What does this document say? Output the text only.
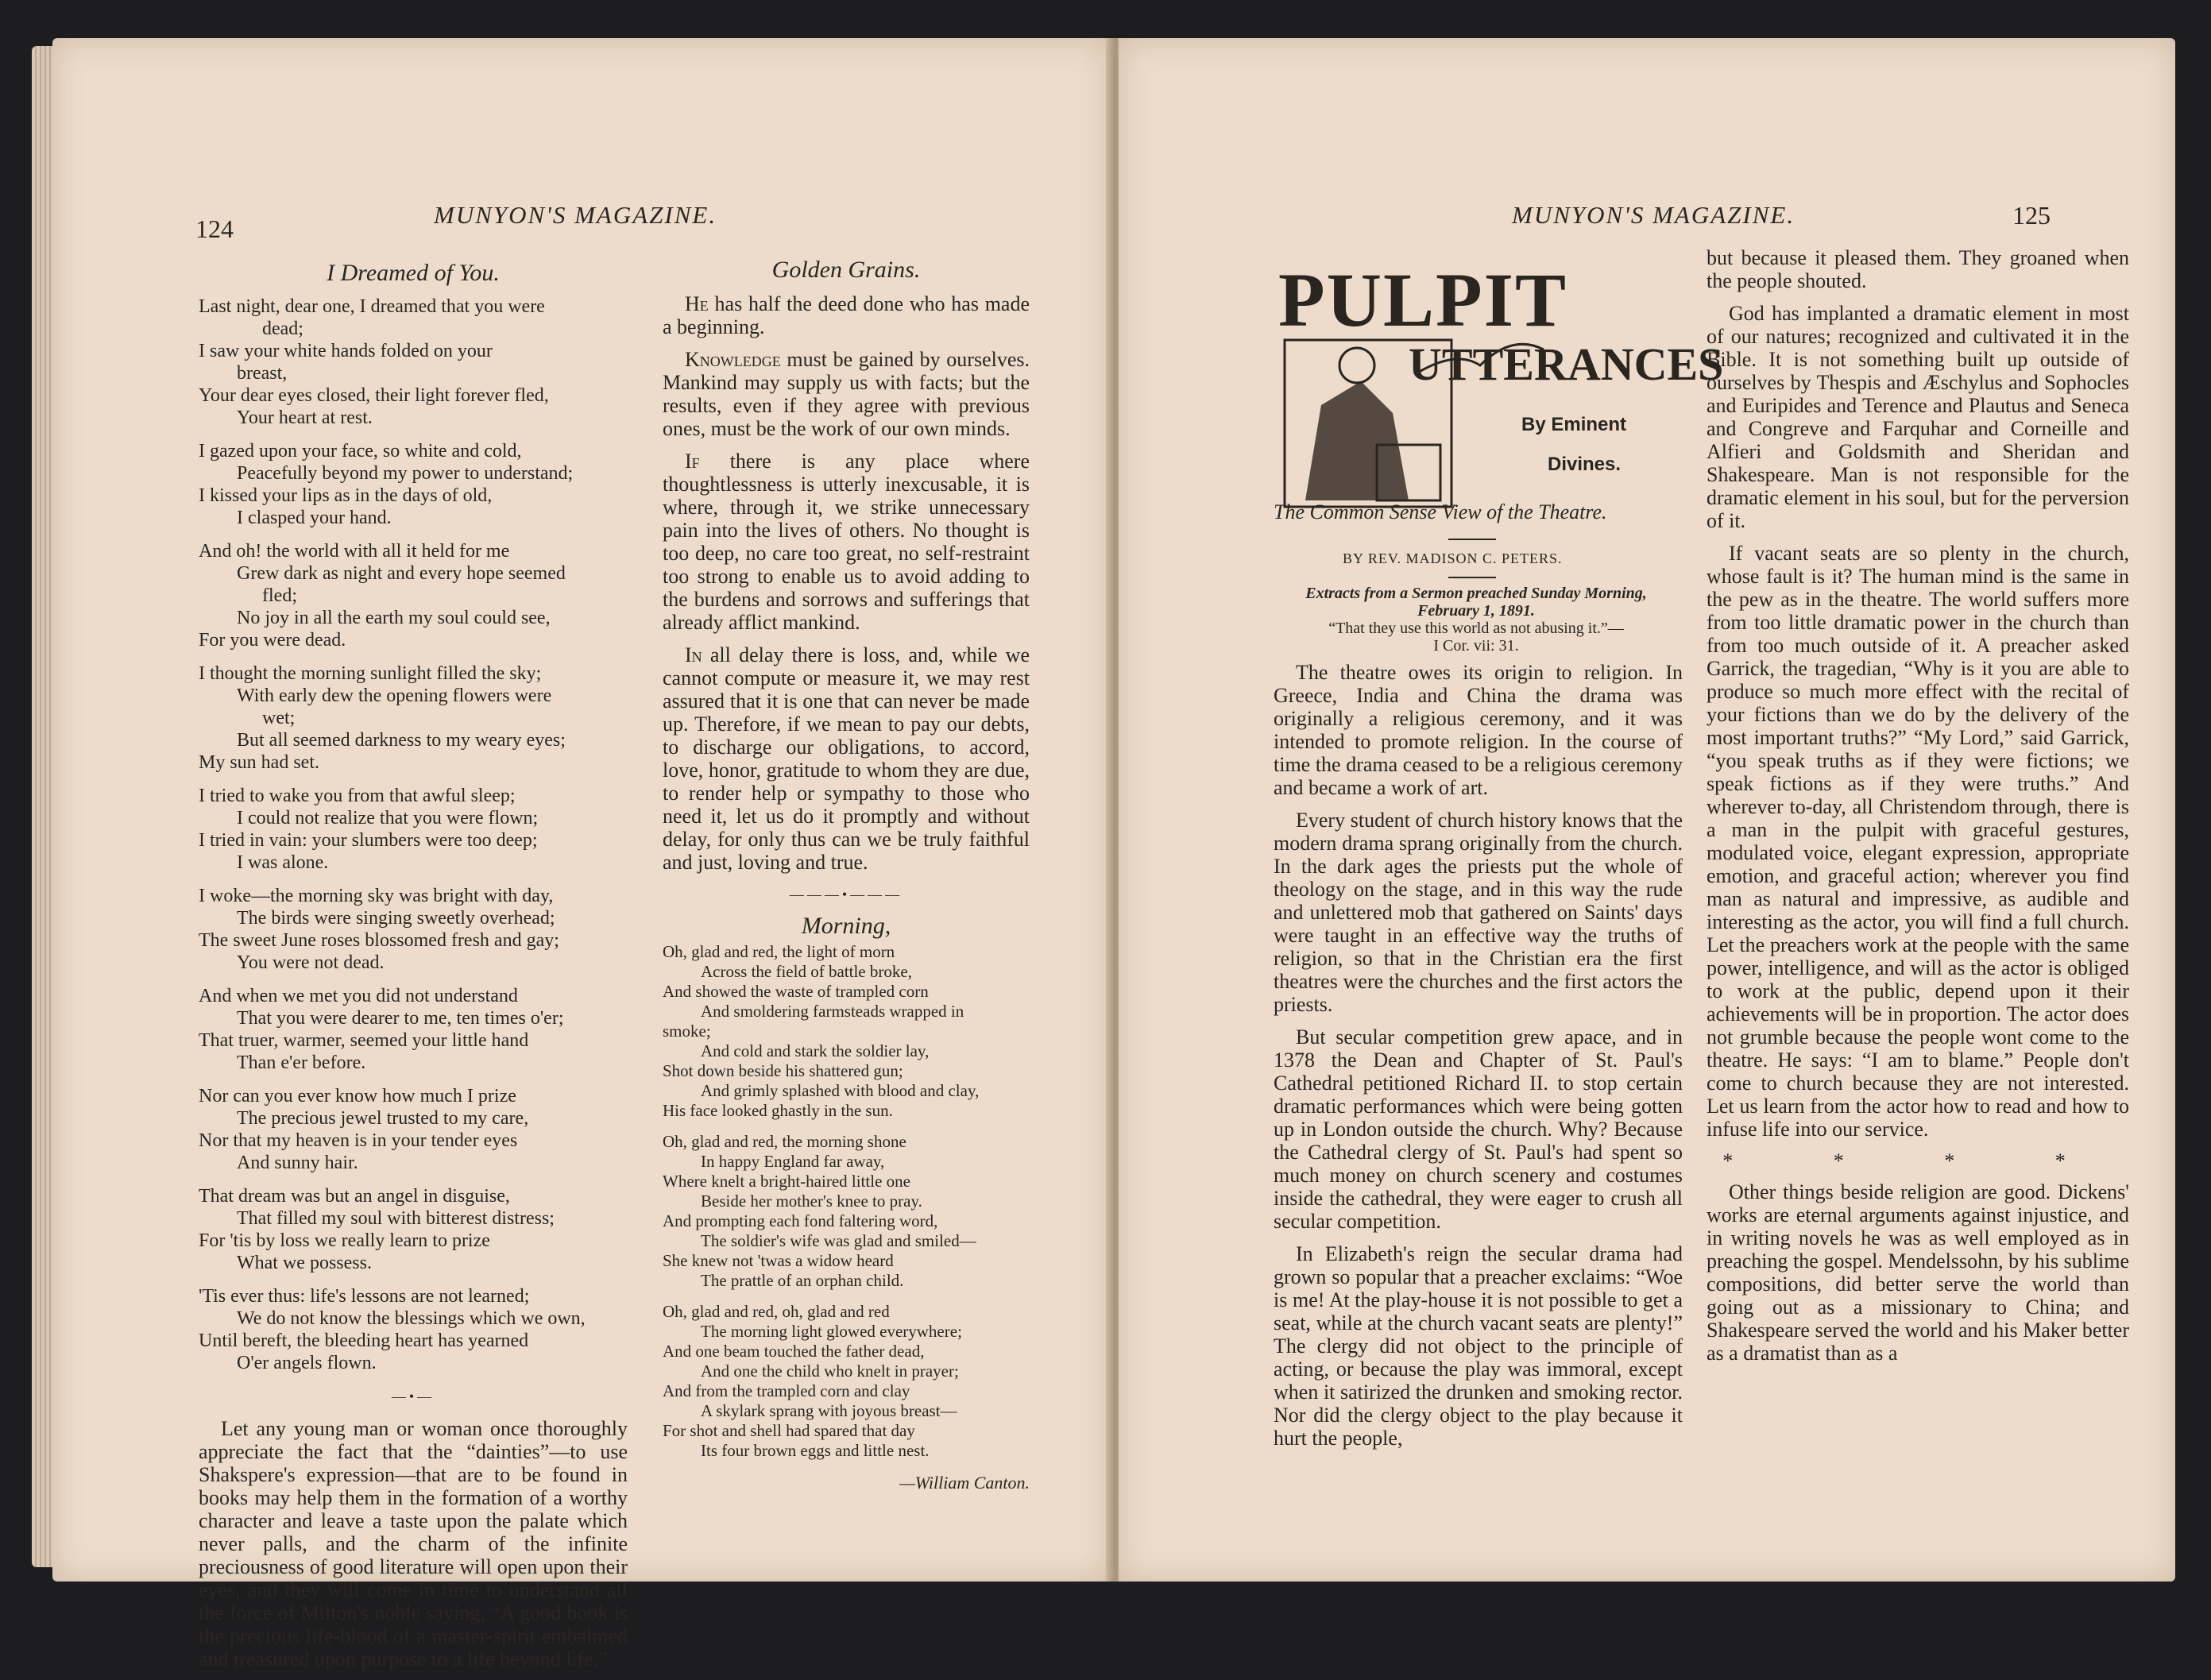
124	MUNYON'S MAGAZINE.
I Dreamed of You.
Last night, dear one, I dreamed that you were
dead;
I saw your white hands folded on your
breast,
Your dear eyes closed, their light forever fled,
Your heart at rest.
I gazed upon your face, so white and cold,
Peacefully beyond my power to understand;
I kissed your lips as in the days of old,
I clasped your hand.
And oh! the world with all it held for me
Grew dark as night and every hope seemed
fled;
No joy in all the earth my soul could see,
For you were dead.
I thought the morning sunlight filled the sky;
With early dew the opening flowers were
wet;
But all seemed darkness to my weary eyes;
My sun had set.
I tried to wake you from that awful sleep;
I could not realize that you were flown;
I tried in vain: your slumbers were too deep;
I was alone.
I woke—the morning sky was bright with day,
The birds were singing sweetly overhead;
The sweet June roses blossomed fresh and gay;
You were not dead.
And when we met you did not understand
That you were dearer to me, ten times o'er;
That truer, warmer, seemed your little hand
Than e'er before.
Nor can you ever know how much I prize
The precious jewel trusted to my care,
Nor that my heaven is in your tender eyes
And sunny hair.
That dream was but an angel in disguise,
That filled my soul with bitterest distress;
For 'tis by loss we really learn to prize
What we possess.
'Tis ever thus: life's lessons are not learned;
We do not know the blessings which we own,
Until bereft, the bleeding heart has yearned
O'er angels flown.
—•—

Let any young man or woman once thoroughly appreciate the fact that the “dainties”—to use Shakspere's expression—that are to be found in books may help them in the formation of a worthy character and leave a taste upon the palate which never palls, and the charm of the infinite preciousness of good literature will open upon their eyes, and they will come in time to understand all the force of Milton's noble saying, “A good book is the precious life-blood of a master-spirit embalmed and treasured upon purpose to a life beyond life.”

Golden Grains.

He has half the deed done who has made a beginning.

Knowledge must be gained by ourselves. Mankind may supply us with facts; but the results, even if they agree with previous ones, must be the work of our own minds.

If there is any place where thoughtlessness is utterly inexcusable, it is where, through it, we strike unnecessary pain into the lives of others. No thought is too deep, no care too great, no self-restraint too strong to enable us to avoid adding to the burdens and sorrows and sufferings that already afflict mankind.

In all delay there is loss, and, while we cannot compute or measure it, we may rest assured that it is one that can never be made up. Therefore, if we mean to pay our debts, to discharge our obligations, to accord, love, honor, gratitude to whom they are due, to render help or sympathy to those who need it, let us do it promptly and without delay, for only thus can we be truly faithful and just, loving and true.

———•———
Morning,
Oh, glad and red, the light of morn
Across the field of battle broke,
And showed the waste of trampled corn
And smoldering farmsteads wrapped in
smoke;
And cold and stark the soldier lay,
Shot down beside his shattered gun;
And grimly splashed with blood and clay,
His face looked ghastly in the sun.
Oh, glad and red, the morning shone
In happy England far away,
Where knelt a bright-haired little one
Beside her mother's knee to pray.
And prompting each fond faltering word,
The soldier's wife was glad and smiled—
She knew not 'twas a widow heard
The prattle of an orphan child.
Oh, glad and red, oh, glad and red
The morning light glowed everywhere;
And one beam touched the father dead,
And one the child who knelt in prayer;
And from the trampled corn and clay
A skylark sprang with joyous breast—
For shot and shell had spared that day
Its four brown eggs and little nest.
—William Canton.
MUNYON'S MAGAZINE.	125
PULPIT
UTTERANCES
By Eminent
Divines.
The Common Sense View of the Theatre.
BY REV. MADISON C. PETERS.
Extracts from a Sermon preached Sunday Morning,
February 1, 1891.
“That they use this world as not abusing it.”—
I Cor. vii: 31.

The theatre owes its origin to religion. In Greece, India and China the drama was originally a religious ceremony, and it was intended to promote religion. In the course of time the drama ceased to be a religious ceremony and became a work of art.

Every student of church history knows that the modern drama sprang originally from the church. In the dark ages the priests put the whole of theology on the stage, and in this way the rude and unlettered mob that gathered on Saints' days were taught in an effective way the truths of religion, so that in the Christian era the first theatres were the churches and the first actors the priests.

But secular competition grew apace, and in 1378 the Dean and Chapter of St. Paul's Cathedral petitioned Richard II. to stop certain dramatic performances which were being gotten up in London outside the church. Why? Because the Cathedral clergy of St. Paul's had spent so much money on church scenery and costumes inside the cathedral, they were eager to crush all secular competition.

In Elizabeth's reign the secular drama had grown so popular that a preacher exclaims: “Woe is me! At the play-house it is not possible to get a seat, while at the church vacant seats are plenty!” The clergy did not object to the principle of acting, or because the play was immoral, except when it satirized the drunken and smoking rector. Nor did the clergy object to the play because it hurt the people,

but because it pleased them. They groaned when the people shouted.

God has implanted a dramatic element in most of our natures; recognized and cultivated it in the Bible. It is not something built up outside of ourselves by Thespis and Æschylus and Sophocles and Euripides and Terence and Plautus and Seneca and Congreve and Farquhar and Corneille and Alfieri and Goldsmith and Sheridan and Shakespeare. Man is not responsible for the dramatic element in his soul, but for the perversion of it.

If vacant seats are so plenty in the church, whose fault is it? The human mind is the same in the pew as in the theatre. The world suffers more from too little dramatic power in the church than from too much outside of it. A preacher asked Garrick, the tragedian, “Why is it you are able to produce so much more effect with the recital of your fictions than we do by the delivery of the most important truths?” “My Lord,” said Garrick, “you speak truths as if they were fictions; we speak fictions as if they were truths.” And wherever to-day, all Christendom through, there is a man in the pulpit with graceful gestures, modulated voice, elegant expression, appropriate emotion, and graceful action; wherever you find man as natural and impressive, as audible and interesting as the actor, you will find a full church. Let the preachers work at the people with the same power, intelligence, and will as the actor is obliged to work at the public, depend upon it their achievements will be in proportion. The actor does not grumble because the people wont come to the theatre. He says: “I am to blame.” People don't come to church because they are not interested. Let us learn from the actor how to read and how to infuse life into our service.

* * * *

Other things beside religion are good. Dickens' works are eternal arguments against injustice, and in writing novels he was as well employed as in preaching the gospel. Mendelssohn, by his sublime compositions, did better serve the world than going out as a missionary to China; and Shakespeare served the world and his Maker better as a dramatist than as a
